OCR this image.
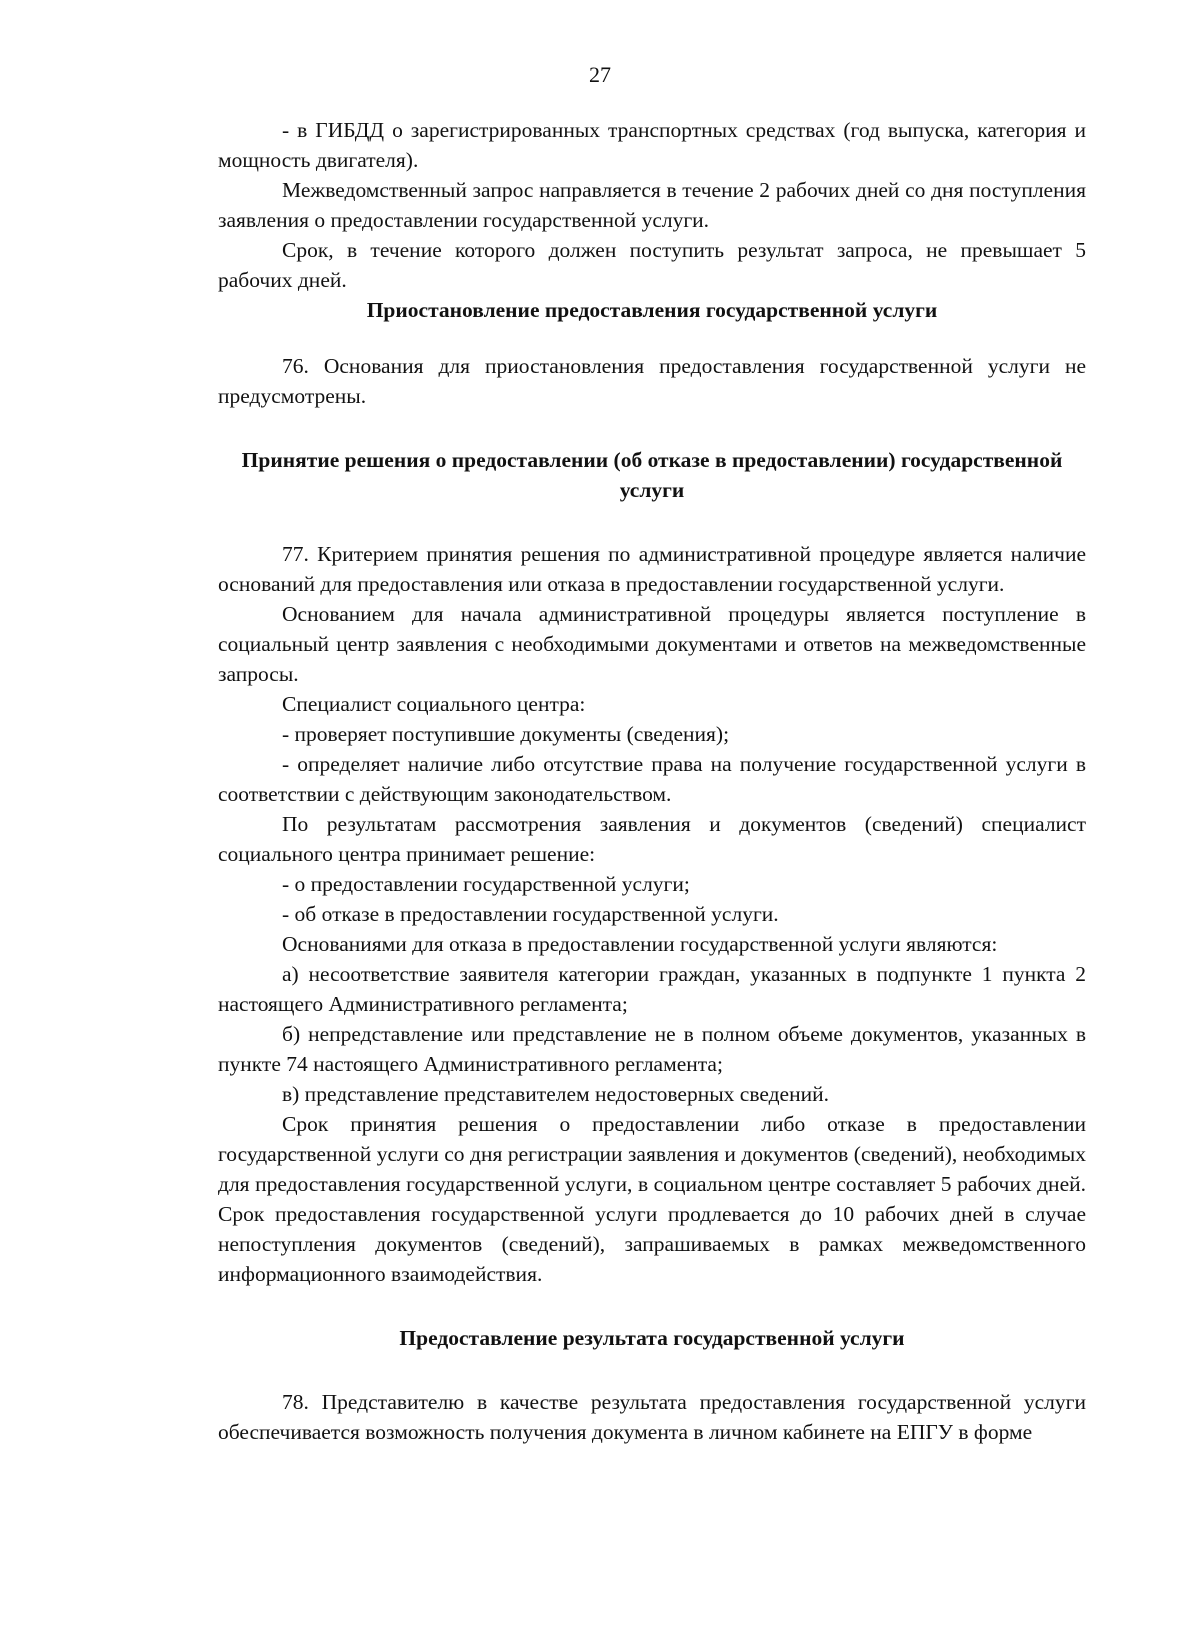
27

- в ГИБДД о зарегистрированных транспортных средствах (год выпуска, категория и мощность двигателя).

Межведомственный запрос направляется в течение 2 рабочих дней со дня поступления заявления о предоставлении государственной услуги.

Срок, в течение которого должен поступить результат запроса, не превышает 5 рабочих дней.

Приостановление предоставления государственной услуги

76. Основания для приостановления предоставления государственной услуги не предусмотрены.

Принятие решения о предоставлении (об отказе в предоставлении) государственной услуги

77. Критерием принятия решения по административной процедуре является наличие оснований для предоставления или отказа в предоставлении государственной услуги.

Основанием для начала административной процедуры является поступление в социальный центр заявления с необходимыми документами и ответов на межведомственные запросы.

Специалист социального центра:

- проверяет поступившие документы (сведения);

- определяет наличие либо отсутствие права на получение государственной услуги в соответствии с действующим законодательством.

По результатам рассмотрения заявления и документов (сведений) специалист социального центра принимает решение:

- о предоставлении государственной услуги;

- об отказе в предоставлении государственной услуги.

Основаниями для отказа в предоставлении государственной услуги являются:

а) несоответствие заявителя категории граждан, указанных в подпункте 1 пункта 2 настоящего Административного регламента;

б) непредставление или представление не в полном объеме документов, указанных в пункте 74 настоящего Административного регламента;

в) представление представителем недостоверных сведений.

Срок принятия решения о предоставлении либо отказе в предоставлении государственной услуги со дня регистрации заявления и документов (сведений), необходимых для предоставления государственной услуги, в социальном центре составляет 5 рабочих дней. Срок предоставления государственной услуги продлевается до 10 рабочих дней в случае непоступления документов (сведений), запрашиваемых в рамках межведомственного информационного взаимодействия.

Предоставление результата государственной услуги

78. Представителю в качестве результата предоставления государственной услуги обеспечивается возможность получения документа в личном кабинете на ЕПГУ в форме
